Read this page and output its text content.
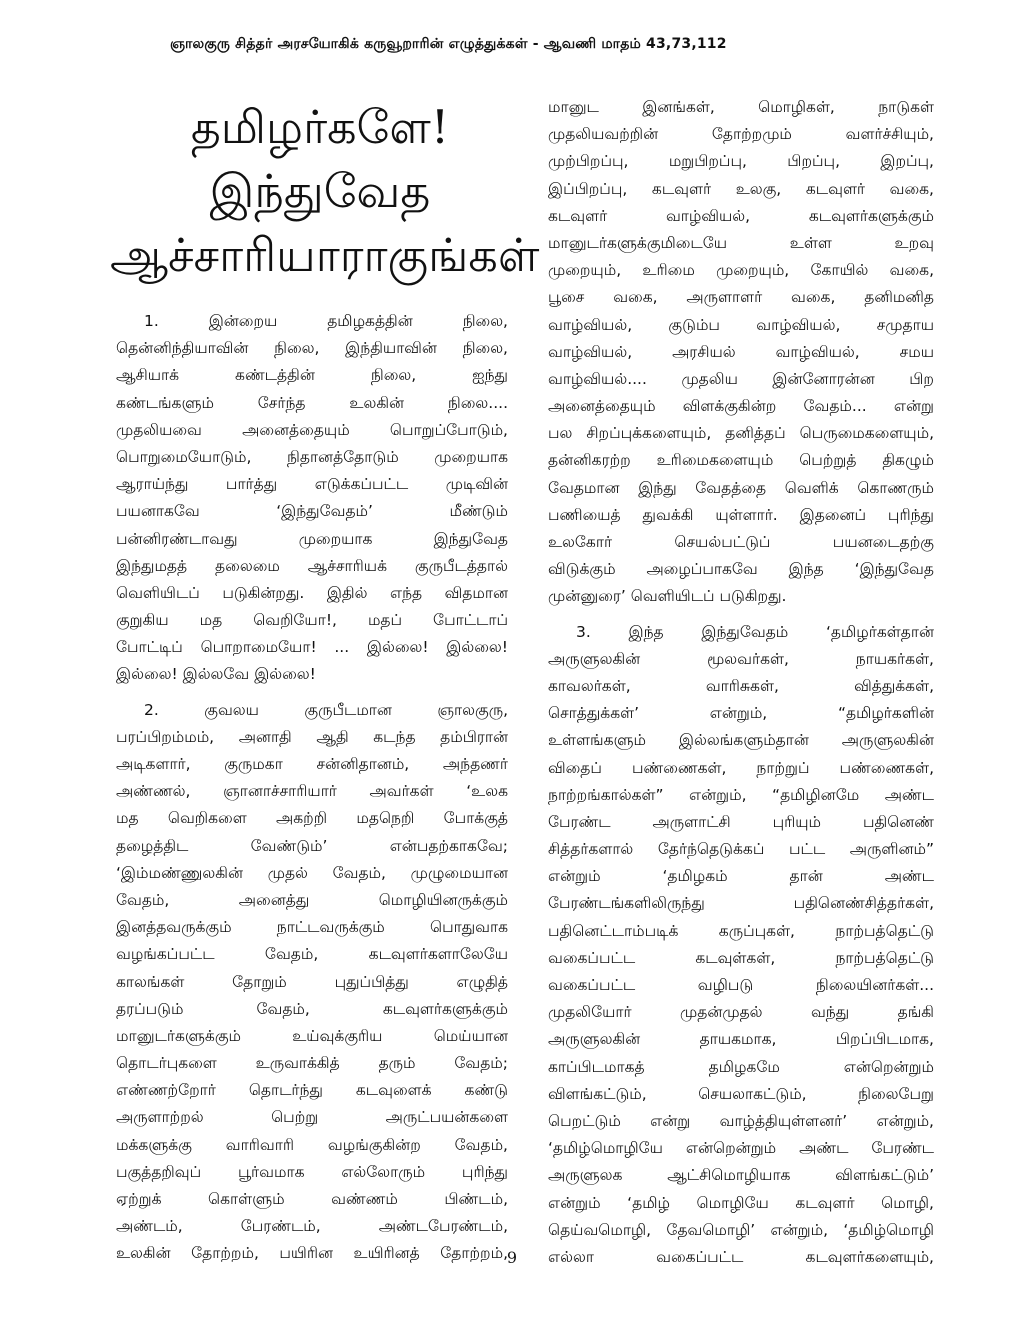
ஞாலகுரு சித்தர் அரசயோகிக் கருவூறாரின் எழுத்துக்கள் - ஆவணி மாதம் 43,73,112
தமிழர்களே!
இந்துவேத
ஆச்சாரியாராகுங்கள்
1. இன்றைய தமிழகத்தின் நிலை,
தென்னிந்தியாவின் நிலை, இந்தியாவின் நிலை,
ஆசியாக் கண்டத்தின் நிலை, ஐந்து
கண்டங்களும் சேர்ந்த உலகின் நிலை....
முதலியவை அனைத்தையும் பொறுப்போடும்,
பொறுமையோடும், நிதானத்தோடும் முறையாக
ஆராய்ந்து பார்த்து எடுக்கப்பட்ட முடிவின்
பயனாகவே ‘இந்துவேதம்’ மீண்டும்
பன்னிரண்டாவது முறையாக இந்துவேத
இந்துமதத் தலைமை ஆச்சாரியக் குருபீடத்தால்
வெளியிடப் படுகின்றது. இதில் எந்த விதமான
குறுகிய மத வெறியோ!, மதப் போட்டாப்
போட்டிப் பொறாமையோ! ... இல்லை! இல்லை!
இல்லை! இல்லவே இல்லை!
2. குவலய குருபீடமான ஞாலகுரு,
பரப்பிறம்மம், அனாதி ஆதி கடந்த தம்பிரான்
அடிகளார், குருமகா சன்னிதானம், அந்தணர்
அண்ணல், ஞானாச்சாரியார் அவர்கள் ‘உலக
மத வெறிகளை அகற்றி மதநெறி போக்குத்
தழைத்திட வேண்டும்’ என்பதற்காகவே;
‘இம்மண்ணுலகின் முதல் வேதம், முழுமையான
வேதம், அனைத்து மொழியினருக்கும்
இனத்தவருக்கும் நாட்டவருக்கும் பொதுவாக
வழங்கப்பட்ட வேதம், கடவுளர்களாலேயே
காலங்கள் தோறும் புதுப்பித்து எழுதித்
தரப்படும் வேதம், கடவுளர்களுக்கும்
மானுடர்களுக்கும் உய்வுக்குரிய மெய்யான
தொடர்புகளை உருவாக்கித் தரும் வேதம்;
எண்ணற்றோர் தொடர்ந்து கடவுளைக் கண்டு
அருளாற்றல் பெற்று அருட்பயன்களை
மக்களுக்கு வாரிவாரி வழங்குகின்ற வேதம்,
பகுத்தறிவுப் பூர்வமாக எல்லோரும் புரிந்து
ஏற்றுக் கொள்ளும் வண்ணம் பிண்டம்,
அண்டம், பேரண்டம், அண்டபேரண்டம்,
உலகின் தோற்றம், பயிரின உயிரினத் தோற்றம்,
மானுட இனங்கள், மொழிகள், நாடுகள்
முதலியவற்றின் தோற்றமும் வளர்ச்சியும்,
முற்பிறப்பு, மறுபிறப்பு, பிறப்பு, இறப்பு,
இப்பிறப்பு, கடவுளர் உலகு, கடவுளர் வகை,
கடவுளர் வாழ்வியல், கடவுளர்களுக்கும்
மானுடர்களுக்குமிடையே உள்ள உறவு
முறையும், உரிமை முறையும், கோயில் வகை,
பூசை வகை, அருளாளர் வகை, தனிமனித
வாழ்வியல், குடும்ப வாழ்வியல், சமுதாய
வாழ்வியல், அரசியல் வாழ்வியல், சமய
வாழ்வியல்.... முதலிய இன்னோரன்ன பிற
அனைத்தையும் விளக்குகின்ற வேதம்... என்று
பல சிறப்புக்களையும், தனித்தப் பெருமைகளையும்,
தன்னிகரற்ற உரிமைகளையும் பெற்றுத் திகழும்
வேதமான இந்து வேதத்தை வெளிக் கொணரும்
பணியைத் துவக்கி யுள்ளார். இதனைப் புரிந்து
உலகோர் செயல்பட்டுப் பயனடைதற்கு
விடுக்கும் அழைப்பாகவே இந்த ‘இந்துவேத
முன்னுரை’ வெளியிடப் படுகிறது.
3. இந்த இந்துவேதம் ‘தமிழர்கள்தான்
அருளுலகின் மூலவர்கள், நாயகர்கள்,
காவலர்கள், வாரிசுகள், வித்துக்கள்,
சொத்துக்கள்’ என்றும், “தமிழர்களின்
உள்ளங்களும் இல்லங்களும்தான் அருளுலகின்
விதைப் பண்ணைகள், நாற்றுப் பண்ணைகள்,
நாற்றங்கால்கள்” என்றும், “தமிழினமே அண்ட
பேரண்ட அருளாட்சி புரியும் பதினெண்
சித்தர்களால் தேர்ந்தெடுக்கப் பட்ட அருளினம்”
என்றும் ‘தமிழகம் தான் அண்ட
பேரண்டங்களிலிருந்து பதினெண்சித்தர்கள்,
பதினெட்டாம்படிக் கருப்புகள், நாற்பத்தெட்டு
வகைப்பட்ட கடவுள்கள், நாற்பத்தெட்டு
வகைப்பட்ட வழிபடு நிலையினர்கள்...
முதலியோர் முதன்முதல் வந்து தங்கி
அருளுலகின் தாயகமாக, பிறப்பிடமாக,
காப்பிடமாகத் தமிழகமே என்றென்றும்
விளங்கட்டும், செயலாகட்டும், நிலைபேறு
பெறட்டும் என்று வாழ்த்தியுள்ளனர்’ என்றும்,
‘தமிழ்மொழியே என்றென்றும் அண்ட பேரண்ட
அருளுலக ஆட்சிமொழியாக விளங்கட்டும்’
என்றும் ‘தமிழ் மொழியே கடவுளர் மொழி,
தெய்வமொழி, தேவமொழி’ என்றும், ‘தமிழ்மொழி
எல்லா வகைப்பட்ட கடவுளர்களையும்,
9
